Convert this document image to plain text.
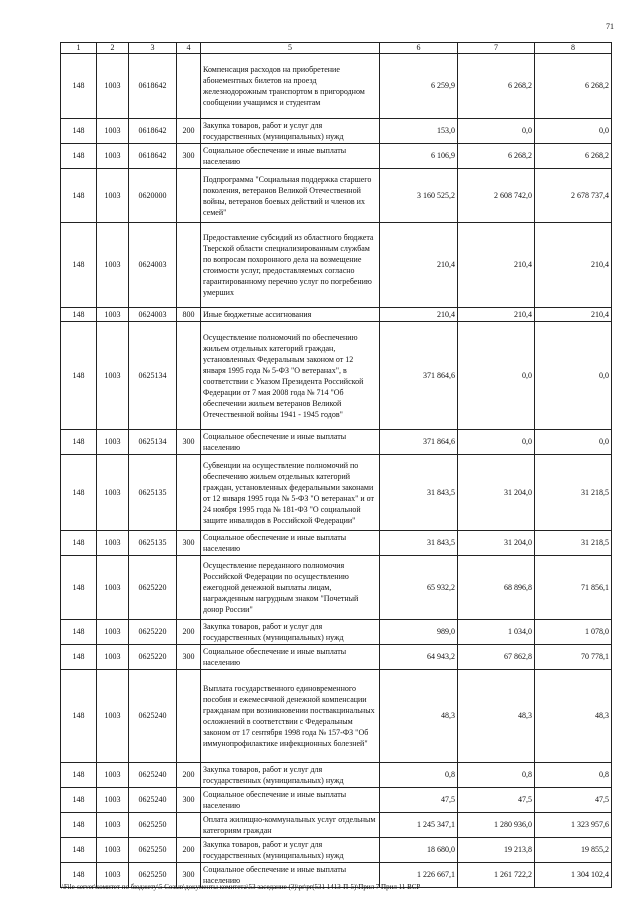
71
1	2	3	4	5	6	7	8
148	1003	0618642		Компенсация расходов на приобретение абонементных билетов на проезд железнодорожным транспортом в пригородном сообщении учащимся и студентам	6 259,9	6 268,2	6 268,2
148	1003	0618642	200	Закупка товаров, работ и услуг для государственных (муниципальных) нужд	153,0	0,0	0,0
148	1003	0618642	300	Социальное обеспечение и иные выплаты населению	6 106,9	6 268,2	6 268,2
148	1003	0620000		Подпрограмма "Социальная поддержка старшего поколения, ветеранов Великой Отечественной войны, ветеранов боевых действий и членов их семей"	3 160 525,2	2 608 742,0	2 678 737,4
148	1003	0624003		Предоставление субсидий из областного бюджета Тверской области специализированным службам по вопросам похоронного дела на возмещение стоимости услуг, предоставляемых согласно гарантированному перечню услуг по погребению умерших	210,4	210,4	210,4
148	1003	0624003	800	Иные бюджетные ассигнования	210,4	210,4	210,4
148	1003	0625134		Осуществление полномочий по обеспечению жильем отдельных категорий граждан, установленных Федеральным законом от 12 января 1995 года № 5-ФЗ "О ветеранах", в соответствии с Указом Президента Российской Федерации от 7 мая 2008 года № 714 "Об обеспечении жильем ветеранов Великой Отечественной войны 1941 - 1945 годов"	371 864,6	0,0	0,0
148	1003	0625134	300	Социальное обеспечение и иные выплаты населению	371 864,6	0,0	0,0
148	1003	0625135		Субвенции на осуществление полномочий по обеспечению жильем отдельных категорий граждан, установленных федеральными законами от 12 января 1995 года № 5-ФЗ "О ветеранах" и от 24 ноября 1995 года № 181-ФЗ "О социальной защите инвалидов в Российской Федерации"	31 843,5	31 204,0	31 218,5
148	1003	0625135	300	Социальное обеспечение и иные выплаты населению	31 843,5	31 204,0	31 218,5
148	1003	0625220		Осуществление переданного полномочия Российской Федерации по осуществлению ежегодной денежной выплаты лицам, награжденным нагрудным знаком "Почетный донор России"	65 932,2	68 896,8	71 856,1
148	1003	0625220	200	Закупка товаров, работ и услуг для государственных (муниципальных) нужд	989,0	1 034,0	1 078,0
148	1003	0625220	300	Социальное обеспечение и иные выплаты населению	64 943,2	67 862,8	70 778,1
148	1003	0625240		Выплата государственного единовременного пособия и ежемесячной денежной компенсации гражданам при возникновении поствакцинальных осложнений в соответствии с Федеральным законом от 17 сентября 1998 года № 157-ФЗ "Об иммунопрофилактике инфекционных болезней"	48,3	48,3	48,3
148	1003	0625240	200	Закупка товаров, работ и услуг для государственных (муниципальных) нужд	0,8	0,8	0,8
148	1003	0625240	300	Социальное обеспечение и иные выплаты населению	47,5	47,5	47,5
148	1003	0625250		Оплата жилищно-коммунальных услуг отдельным категориям граждан	1 245 347,1	1 280 936,0	1 323 957,6
148	1003	0625250	200	Закупка товаров, работ и услуг для государственных (муниципальных) нужд	18 680,0	19 213,8	19 855,2
148	1003	0625250	300	Социальное обеспечение и иные выплаты населению	1 226 667,1	1 261 722,2	1 304 102,4
\\File-server\комитет по бюджету\5 Созыв\документы комитета\53 заседание (3)\pr\pr(531 1413-П-5)\Прил 7 Прил 11 ВСР
